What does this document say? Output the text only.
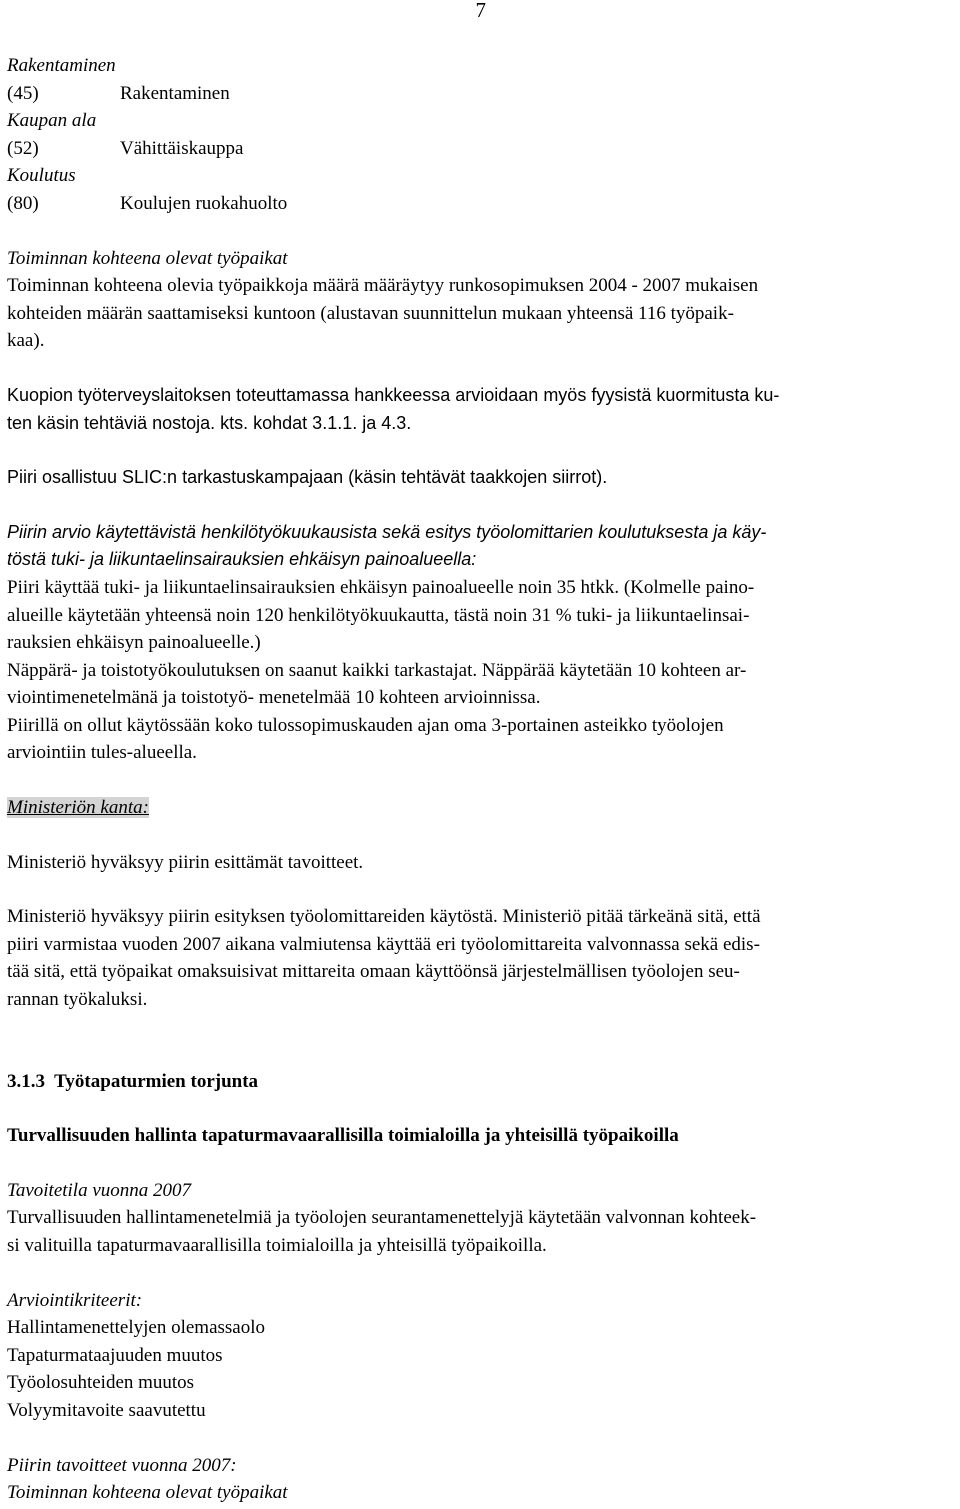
7

Rakentaminen

(45)	Rakentaminen

Kaupan ala

(52)	Vähittäiskauppa

Koulutus

(80)	Koulujen ruokahuolto

Toiminnan kohteena olevat työpaikat

Toiminnan kohteena olevia työpaikkoja määrä määräytyy runkosopimuksen 2004 - 2007 mukaisen

kohteiden määrän saattamiseksi kuntoon (alustavan suunnittelun mukaan yhteensä 116 työpaik-

kaa).

Kuopion työterveyslaitoksen toteuttamassa hankkeessa arvioidaan myös fyysistä kuormitusta ku-

ten käsin tehtäviä nostoja. kts. kohdat 3.1.1. ja 4.3.

Piiri osallistuu SLIC:n tarkastuskampajaan (käsin tehtävät taakkojen siirrot).

Piirin arvio käytettävistä henkilötyökuukausista sekä esitys työolomittarien koulutuksesta ja käy-

töstä tuki- ja liikuntaelinsairauksien ehkäisyn painoalueella:

Piiri käyttää tuki- ja liikuntaelinsairauksien ehkäisyn painoalueelle noin 35 htkk. (Kolmelle paino-

alueille käytetään yhteensä noin 120 henkilötyökuukautta, tästä noin 31 % tuki- ja liikuntaelinsai-

rauksien ehkäisyn painoalueelle.)

Näppärä- ja toistotyökoulutuksen on saanut kaikki tarkastajat. Näppärää käytetään 10 kohteen ar-

viointimenetelmänä ja toistotyö- menetelmää 10 kohteen arvioinnissa.

Piirillä on ollut käytössään koko tulossopimuskauden ajan oma 3-portainen asteikko työolojen

arviointiin tules-alueella.

Ministeriön kanta:

Ministeriö hyväksyy piirin esittämät tavoitteet.

Ministeriö hyväksyy piirin esityksen työolomittareiden käytöstä. Ministeriö pitää tärkeänä sitä, että

piiri varmistaa vuoden 2007 aikana valmiutensa käyttää eri työolomittareita valvonnassa sekä edis-

tää sitä, että työpaikat omaksuisivat mittareita omaan käyttöönsä järjestelmällisen työolojen seu-

rannan työkaluksi.

3.1.3  Työtapaturmien torjunta

Turvallisuuden hallinta tapaturmavaarallisilla toimialoilla ja yhteisillä työpaikoilla

Tavoitetila vuonna 2007

Turvallisuuden hallintamenetelmiä ja työolojen seurantamenettelyjä käytetään valvonnan kohteek-

si valituilla tapaturmavaarallisilla toimialoilla ja yhteisillä työpaikoilla.

Arviointikriteerit:

Hallintamenettelyjen olemassaolo

Tapaturmataajuuden muutos

Työolosuhteiden muutos

Volyymitavoite saavutettu

Piirin tavoitteet vuonna 2007:

Toiminnan kohteena olevat työpaikat
